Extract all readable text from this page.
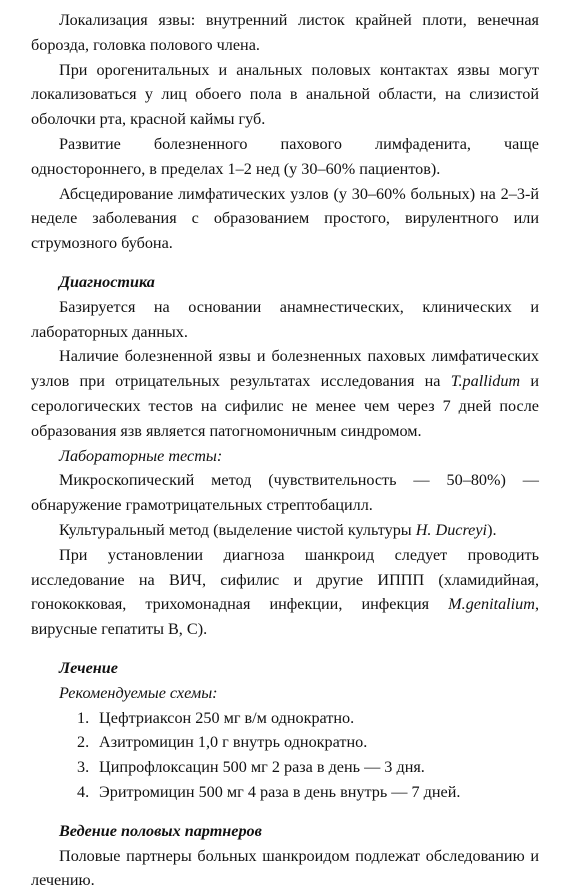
Локализация язвы: внутренний листок крайней плоти, венечная борозда, головка полового члена.

При орогенитальных и анальных половых контактах язвы могут локализоваться у лиц обоего пола в анальной области, на слизистой оболочки рта, красной каймы губ.

Развитие болезненного пахового лимфаденита, чаще одностороннего, в пределах 1–2 нед (у 30–60% пациентов).

Абсцедирование лимфатических узлов (у 30–60% больных) на 2–3-й неделе заболевания с образованием простого, вирулентного или струмозного бубона.

Диагностика

Базируется на основании анамнестических, клинических и лабораторных данных.

Наличие болезненной язвы и болезненных паховых лимфатических узлов при отрицательных результатах исследования на T.pallidum и серологических тестов на сифилис не менее чем через 7 дней после образования язв является патогномоничным синдромом.

Лабораторные тесты:

Микроскопический метод (чувствительность — 50–80%) — обнаружение грамотрицательных стрептобацилл.

Культуральный метод (выделение чистой культуры H. Ducreyi).

При установлении диагноза шанкроид следует проводить исследование на ВИЧ, сифилис и другие ИППП (хламидийная, гонококковая, трихомонадная инфекции, инфекция M.genitalium, вирусные гепатиты В, С).

Лечение

Рекомендуемые схемы:

1. Цефтриаксон 250 мг в/м однократно.
2. Азитромицин 1,0 г внутрь однократно.
3. Ципрофлоксацин 500 мг 2 раза в день — 3 дня.
4. Эритромицин 500 мг 4 раза в день внутрь — 7 дней.

Ведение половых партнеров

Половые партнеры больных шанкроидом подлежат обследованию и лечению.
